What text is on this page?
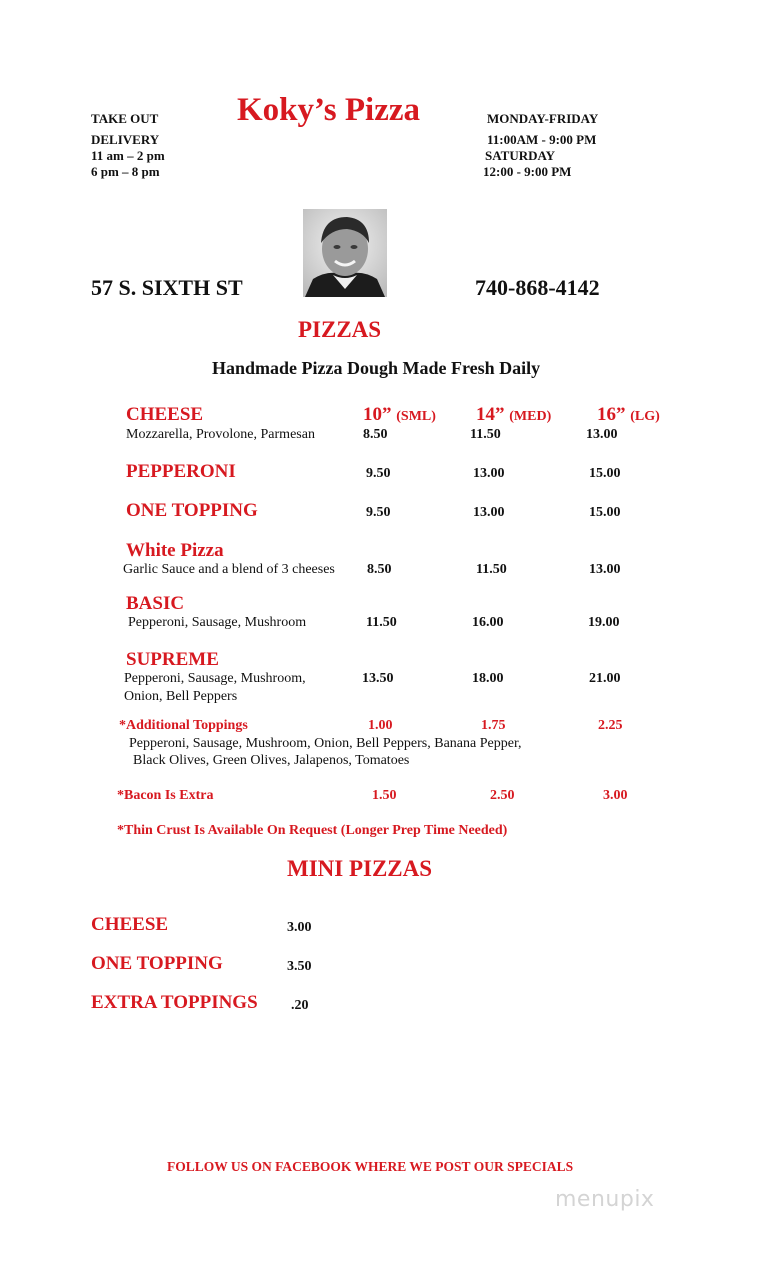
TAKE OUT
DELIVERY
11 am – 2 pm
6 pm – 8 pm
Koky’s Pizza	MONDAY-FRIDAY
11:00AM - 9:00 PM
SATURDAY
12:00 - 9:00 PM
57 S. SIXTH ST	740-868-4142
PIZZAS
Handmade Pizza Dough Made Fresh Daily
10” (SML) 14” (MED) 16” (LG)
CHEESE
Mozzarella, Provolone, Parmesan	8.50	11.50	13.00
PEPPERONI	9.50	13.00	15.00
ONE TOPPING	9.50	13.00	15.00
White Pizza
Garlic Sauce and a blend of 3 cheeses 8.50	11.50	13.00
BASIC
Pepperoni, Sausage, Mushroom	11.50	16.00	19.00
SUPREME
Pepperoni, Sausage, Mushroom,
Onion, Bell Peppers
13.50	18.00	21.00
*Additional Toppings	1.00	1.75	2.25
Pepperoni, Sausage, Mushroom, Onion, Bell Peppers, Banana Pepper,
Black Olives, Green Olives, Jalapenos, Tomatoes
*Bacon Is Extra	1.50	2.50	3.00
*Thin Crust Is Available On Request (Longer Prep Time Needed)
MINI PIZZAS
CHEESE	3.00
ONE TOPPING	3.50
EXTRA TOPPINGS .20
FOLLOW US ON FACEBOOK WHERE WE POST OUR SPECIALS
menupix
